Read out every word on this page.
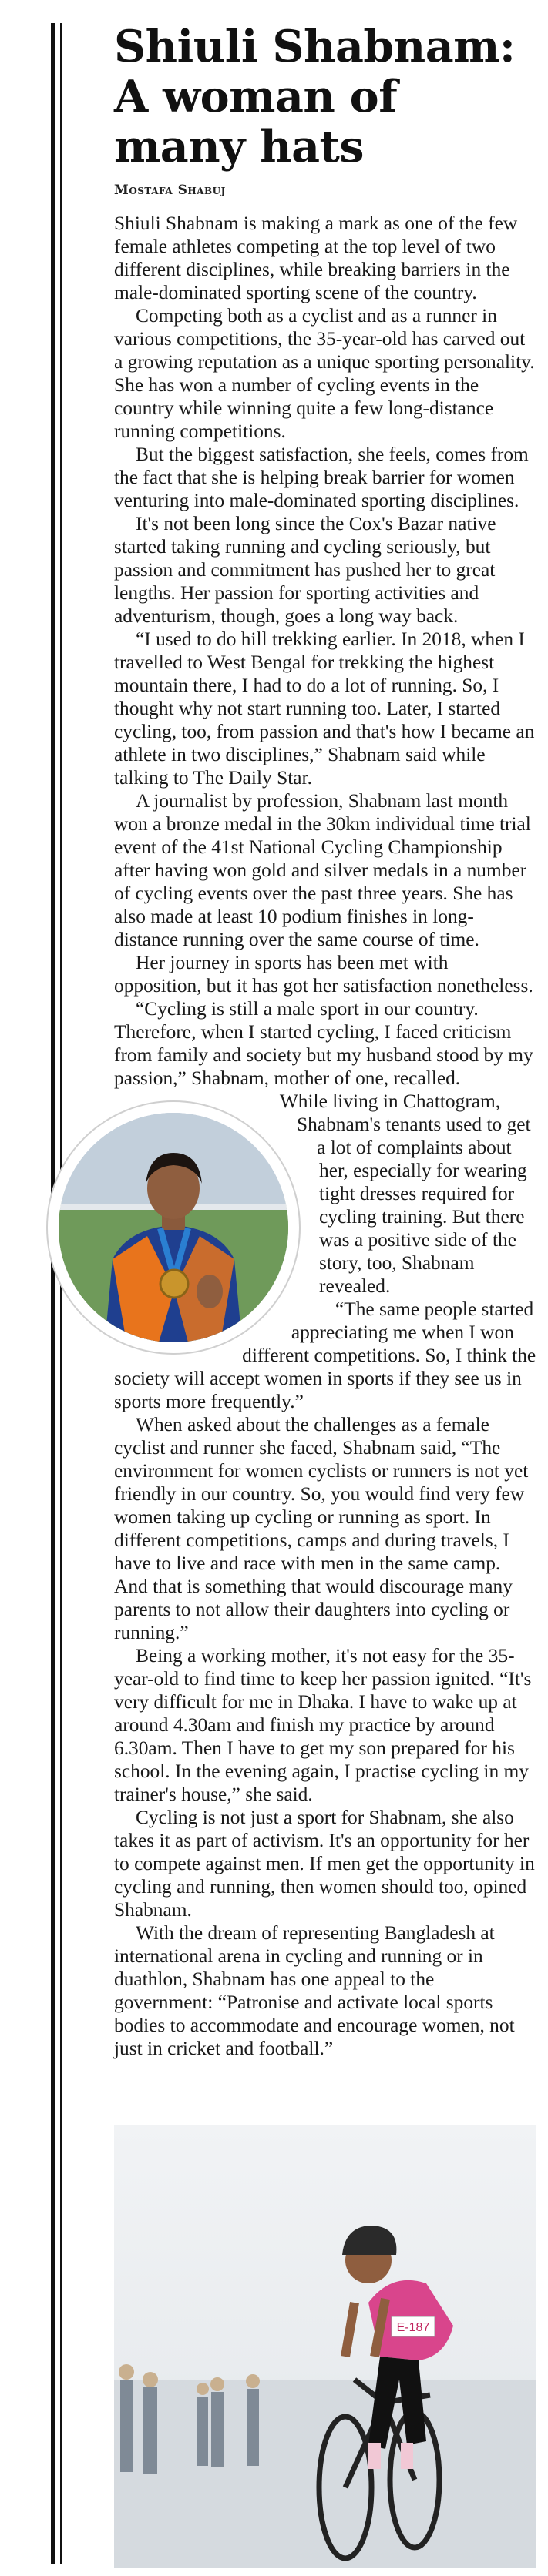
Shiuli Shabnam:
A woman of
many hats
Mostafa Shabuj

Shiuli Shabnam is making a mark as one of the few female athletes competing at the top level of two different disciplines, while breaking barriers in the male-dominated sporting scene of the country.

Competing both as a cyclist and as a runner in various competitions, the 35-year-old has carved out a growing reputation as a unique sporting personality. She has won a number of cycling events in the country while winning quite a few long-distance running competitions.

But the biggest satisfaction, she feels, comes from the fact that she is helping break barrier for women venturing into male-dominated sporting disciplines.

It's not been long since the Cox's Bazar native started taking running and cycling seriously, but passion and commitment has pushed her to great lengths. Her passion for sporting activities and adventurism, though, goes a long way back.

“I used to do hill trekking earlier. In 2018, when I travelled to West Bengal for trekking the highest mountain there, I had to do a lot of running. So, I thought why not start running too. Later, I started cycling, too, from passion and that's how I became an athlete in two disciplines,” Shabnam said while talking to The Daily Star.

A journalist by profession, Shabnam last month won a bronze medal in the 30km individual time trial event of the 41st National Cycling Championship after having won gold and silver medals in a number of cycling events over the past three years. She has also made at least 10 podium finishes in long-distance running over the same course of time.

Her journey in sports has been met with opposition, but it has got her satisfaction nonetheless.

“Cycling is still a male sport in our country. Therefore, when I started cycling, I faced criticism from family and society but my husband stood by my passion,” Shabnam, mother of one, recalled.

While living in Chattogram, Shabnam's tenants used to get a lot of complaints about her, especially for wearing tight dresses required for cycling training. But there was a positive side of the story, too, Shabnam revealed.

“The same people started appreciating me when I won different competitions. So, I think the society will accept women in sports if they see us in sports more frequently.”

When asked about the challenges as a female cyclist and runner she faced, Shabnam said, “The environment for women cyclists or runners is not yet friendly in our country. So, you would find very few women taking up cycling or running as sport. In different competitions, camps and during travels, I have to live and race with men in the same camp. And that is something that would discourage many parents to not allow their daughters into cycling or running.”

Being a working mother, it's not easy for the 35-year-old to find time to keep her passion ignited. “It's very difficult for me in Dhaka. I have to wake up at around 4.30am and finish my practice by around 6.30am. Then I have to get my son prepared for his school. In the evening again, I practise cycling in my trainer's house,” she said.

Cycling is not just a sport for Shabnam, she also takes it as part of activism. It's an opportunity for her to compete against men. If men get the opportunity in cycling and running, then women should too, opined Shabnam.

With the dream of representing Bangladesh at international arena in cycling and running or in duathlon, Shabnam has one appeal to the government: “Patronise and activate local sports bodies to accommodate and encourage women, not just in cricket and football.”

E-187
